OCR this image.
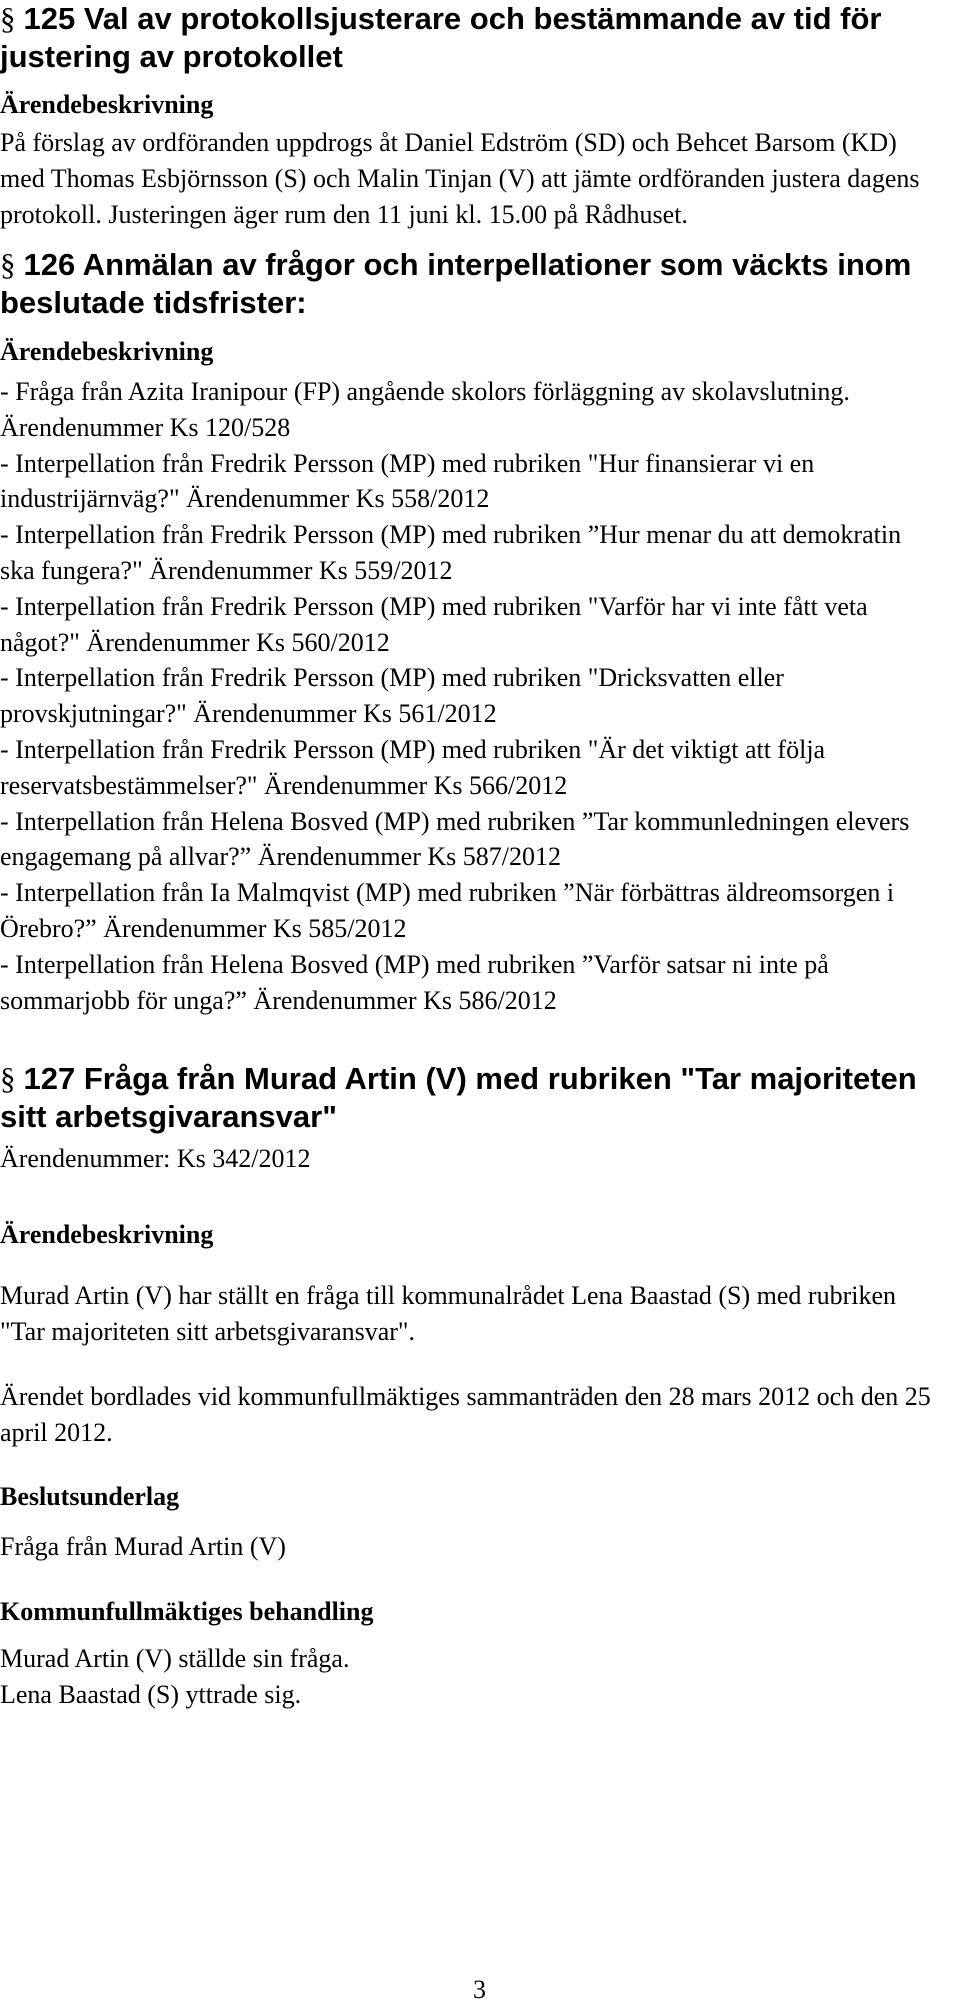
§ 125 Val av protokollsjusterare och bestämmande av tid för justering av protokollet
Ärendebeskrivning

På förslag av ordföranden uppdrogs åt Daniel Edström (SD) och Behcet Barsom (KD) med Thomas Esbjörnsson (S) och Malin Tinjan (V) att jämte ordföranden justera dagens protokoll. Justeringen äger rum den 11 juni kl. 15.00 på Rådhuset.

§ 126 Anmälan av frågor och interpellationer som väckts inom beslutade tidsfrister:
Ärendebeskrivning
- Fråga från Azita Iranipour (FP) angående skolors förläggning av skolavslutning. Ärendenummer Ks 120/528
- Interpellation från Fredrik Persson (MP) med rubriken "Hur finansierar vi en industrijärnväg?" Ärendenummer Ks 558/2012
- Interpellation från Fredrik Persson (MP) med rubriken ”Hur menar du att demokratin ska fungera?" Ärendenummer Ks 559/2012
- Interpellation från Fredrik Persson (MP) med rubriken "Varför har vi inte fått veta något?" Ärendenummer Ks 560/2012
- Interpellation från Fredrik Persson (MP) med rubriken "Dricksvatten eller provskjutningar?" Ärendenummer Ks 561/2012
- Interpellation från Fredrik Persson (MP) med rubriken "Är det viktigt att följa reservatsbestämmelser?" Ärendenummer Ks 566/2012
- Interpellation från Helena Bosved (MP) med rubriken ”Tar kommunledningen elevers engagemang på allvar?” Ärendenummer Ks 587/2012
- Interpellation från Ia Malmqvist (MP) med rubriken ”När förbättras äldreomsorgen i Örebro?” Ärendenummer Ks 585/2012
- Interpellation från Helena Bosved (MP) med rubriken ”Varför satsar ni inte på sommarjobb för unga?” Ärendenummer Ks 586/2012
§ 127 Fråga från Murad Artin (V) med rubriken "Tar majoriteten sitt arbetsgivaransvar"

Ärendenummer: Ks 342/2012

Ärendebeskrivning

Murad Artin (V) har ställt en fråga till kommunalrådet Lena Baastad (S) med rubriken "Tar majoriteten sitt arbetsgivaransvar".

Ärendet bordlades vid kommunfullmäktiges sammanträden den 28 mars 2012 och den 25 april 2012.

Beslutsunderlag

Fråga från Murad Artin (V)

Kommunfullmäktiges behandling
Murad Artin (V) ställde sin fråga.
Lena Baastad (S) yttrade sig.
3
